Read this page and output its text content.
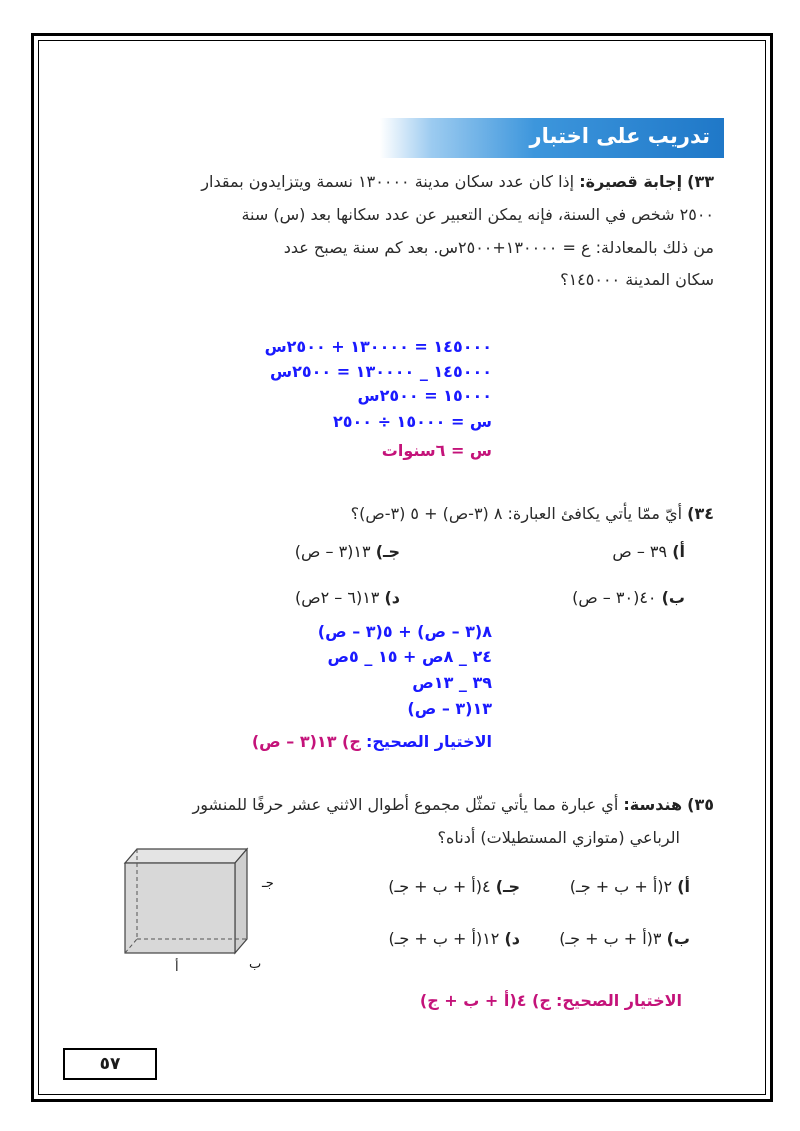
تدريب على اختبار
٣٣) إجابة قصيرة: إذا كان عدد سكان مدينة ١٣٠٠٠٠ نسمة ويتزايدون بمقدار
٢٥٠٠ شخص في السنة، فإنه يمكن التعبير عن عدد سكانها بعد (س) سنة
من ذلك بالمعادلة: ع = ١٣٠٠٠٠+٢٥٠٠س. بعد كم سنة يصبح عدد
سكان المدينة ١٤٥٠٠٠؟
١٤٥٠٠٠ = ١٣٠٠٠٠ + ٢٥٠٠س
١٤٥٠٠٠ _ ١٣٠٠٠٠ = ٢٥٠٠س
١٥٠٠٠ = ٢٥٠٠س
س = ١٥٠٠٠ ÷ ٢٥٠٠
س = ٦سنوات
٣٤) أيّ ممّا يأتي يكافئ العبارة: ٨ (٣-ص) + ٥ (٣-ص)؟
أ) ٣٩ – ص
جـ) ١٣(٣ – ص)
ب) ٤٠(٣٠ – ص)
د) ١٣(٦ – ٢ص)
٨(٣ – ص) + ٥(٣ – ص)
٢٤ _ ٨ص + ١٥ _ ٥ص
٣٩ _ ١٣ص
١٣(٣ – ص)
الاختيار الصحيح: ج) ١٣(٣ – ص)
٣٥) هندسة: أي عبارة مما يأتي تمثّل مجموع أطوال الاثني عشر حرفًا للمنشور
الرباعي (متوازي المستطيلات) أدناه؟
أ) ٢(أ + ب + جـ)
جـ) ٤(أ + ب + جـ)
ب) ٣(أ + ب + جـ)
د) ١٢(أ + ب + جـ)
جـ
ب
أ
الاختيار الصحيح: ج) ٤(أ + ب + ج)
٥٧
